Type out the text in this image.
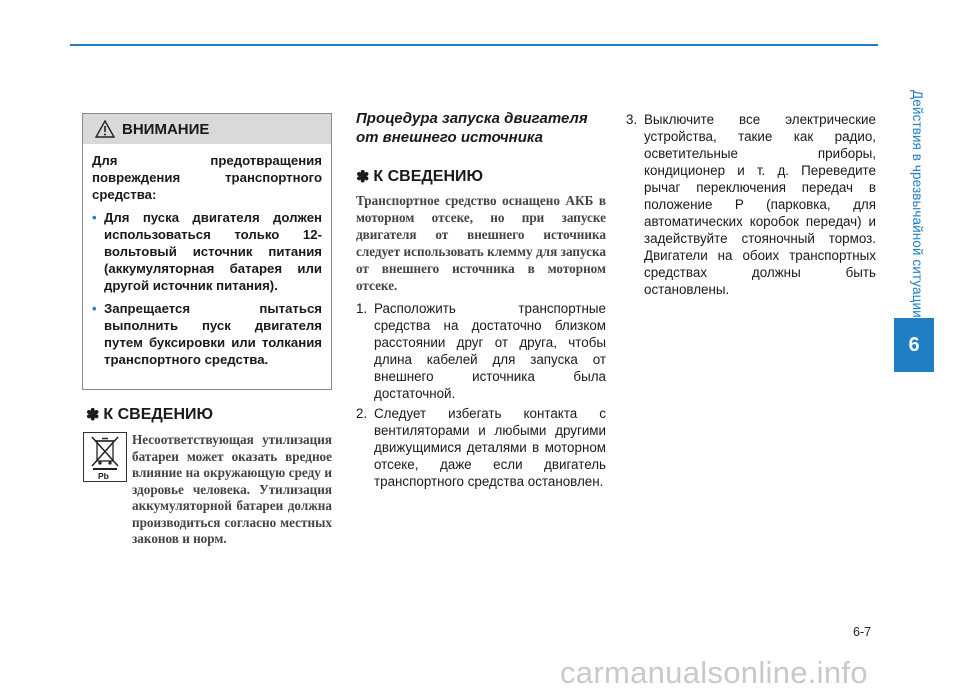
Действия в чрезвычайной ситуации
6
ВНИМАНИЕ

Для предотвращения повреждения транспортного средства:

• Для пуска двигателя должен использоваться только 12-вольтовый источник питания (аккумуляторная батарея или другой источник питания).
• Запрещается пытаться выполнить пуск двигателя путем буксировки или толкания транспортного средства.
✽ К СВЕДЕНИЮ
Pb
Несоответствующая утилизация батареи может оказать вредное влияние на окружающую среду и здоровье человека. Утилизация аккумуляторной батареи должна производиться согласно местных законов и норм.
Процедура запуска двигателя от внешнего источника
✽ К СВЕДЕНИЮ
Транспортное средство оснащено АКБ в моторном отсеке, но при запуске двигателя от внешнего источника следует использовать клемму для запуска от внешнего источника в моторном отсеке.
1. Расположить транспортные средства на достаточно близком расстоянии друг от друга, чтобы длина кабелей для запуска от внешнего источника была достаточной.
2. Следует избегать контакта с вентиляторами и любыми другими движущимися деталями в моторном отсеке, даже если двигатель транспортного средства остановлен.
3. Выключите все электрические устройства, такие как радио, осветительные приборы, кондиционер и т. д. Переведите рычаг переключения передач в положение P (парковка, для автоматических коробок передач) и задействуйте стояночный тормоз. Двигатели на обоих транспортных средствах должны быть остановлены.
6-7
carmanualsonline.info
